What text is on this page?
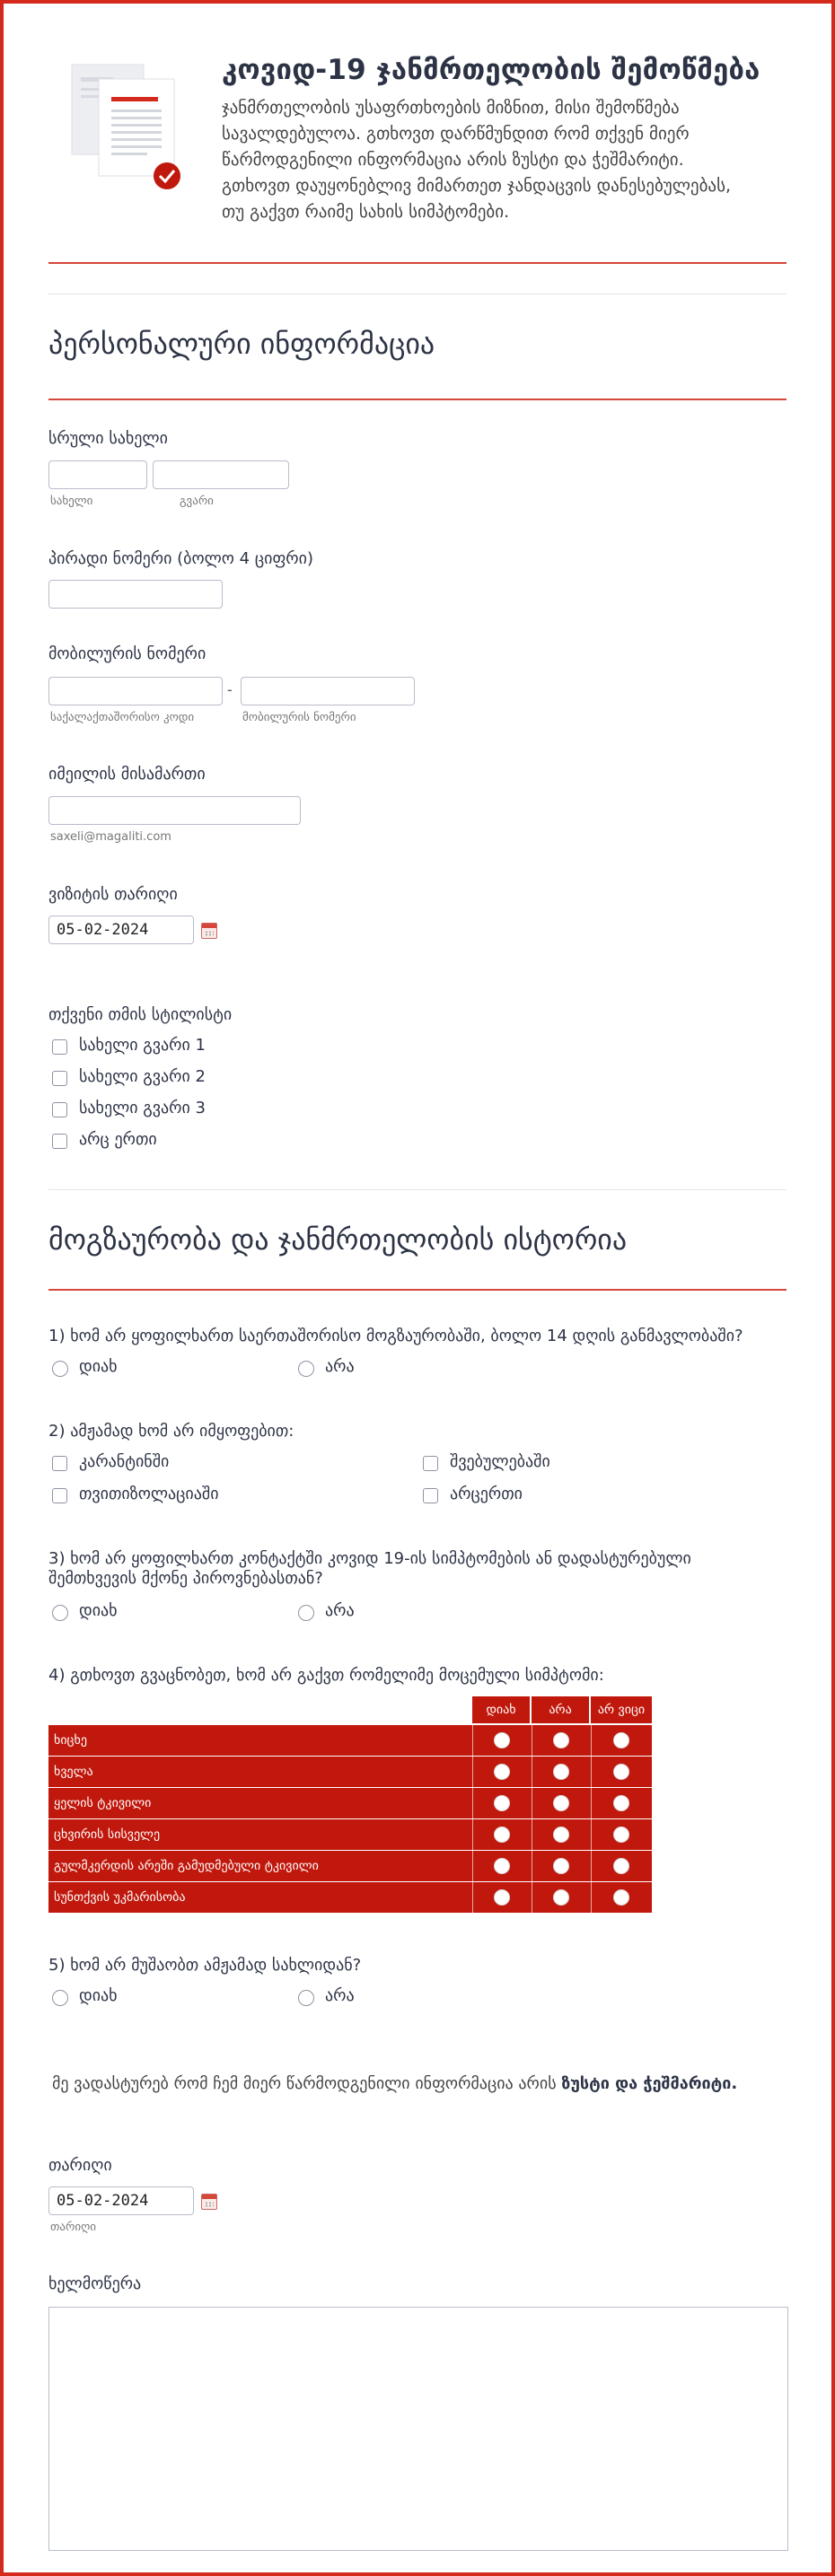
კოვიდ-19 ჯანმრთელობის შემოწმება
ჯანმრთელობის უსაფრთხოების მიზნით, მისი შემოწმება
სავალდებულოა. გთხოვთ დარწმუნდით რომ თქვენ მიერ
წარმოდგენილი ინფორმაცია არის ზუსტი და ჭეშმარიტი.
გთხოვთ დაუყონებლივ მიმართეთ ჯანდაცვის დანესებულებას,
თუ გაქვთ რაიმე სახის სიმპტომები.
პერსონალური ინფორმაცია
სრული სახელი
სახელი	გვარი
პირადი ნომერი (ბოლო 4 ციფრი)
მობილურის ნომერი
-
საქალაქთაშორისო კოდი	მობილურის ნომერი
იმეილის მისამართი
saxeli@magaliti.com
ვიზიტის თარიღი
05-02-2024
თქვენი თმის სტილისტი
სახელი გვარი 1
სახელი გვარი 2
სახელი გვარი 3
არც ერთი
მოგზაურობა და ჯანმრთელობის ისტორია
1) ხომ არ ყოფილხართ საერთაშორისო მოგზაურობაში, ბოლო 14 დღის განმავლობაში?
დიახ	არა
2) ამჟამად ხომ არ იმყოფებით:
კარანტინში	შვებულებაში
თვითიზოლაციაში	არცერთი
3) ხომ არ ყოფილხართ კონტაქტში კოვიდ 19-ის სიმპტომების ან დადასტურებული
შემთხვევის მქონე პიროვნებასთან?
დიახ	არა
4) გთხოვთ გვაცნობეთ, ხომ არ გაქვთ რომელიმე მოცემული სიმპტომი:
დიახ	არა	არ ვიცი
ხიცხე
ხველა
ყელის ტკივილი
ცხვირის სისველე
გულმკერდის არეში გამუდმებული ტკივილი
სუნთქვის უკმარისობა
5) ხომ არ მუშაობთ ამჟამად სახლიდან?
დიახ	არა
მე ვადასტურებ რომ ჩემ მიერ წარმოდგენილი ინფორმაცია არის ზუსტი და ჭეშმარიტი.
თარიღი
05-02-2024
თარიღი
ხელმოწერა
